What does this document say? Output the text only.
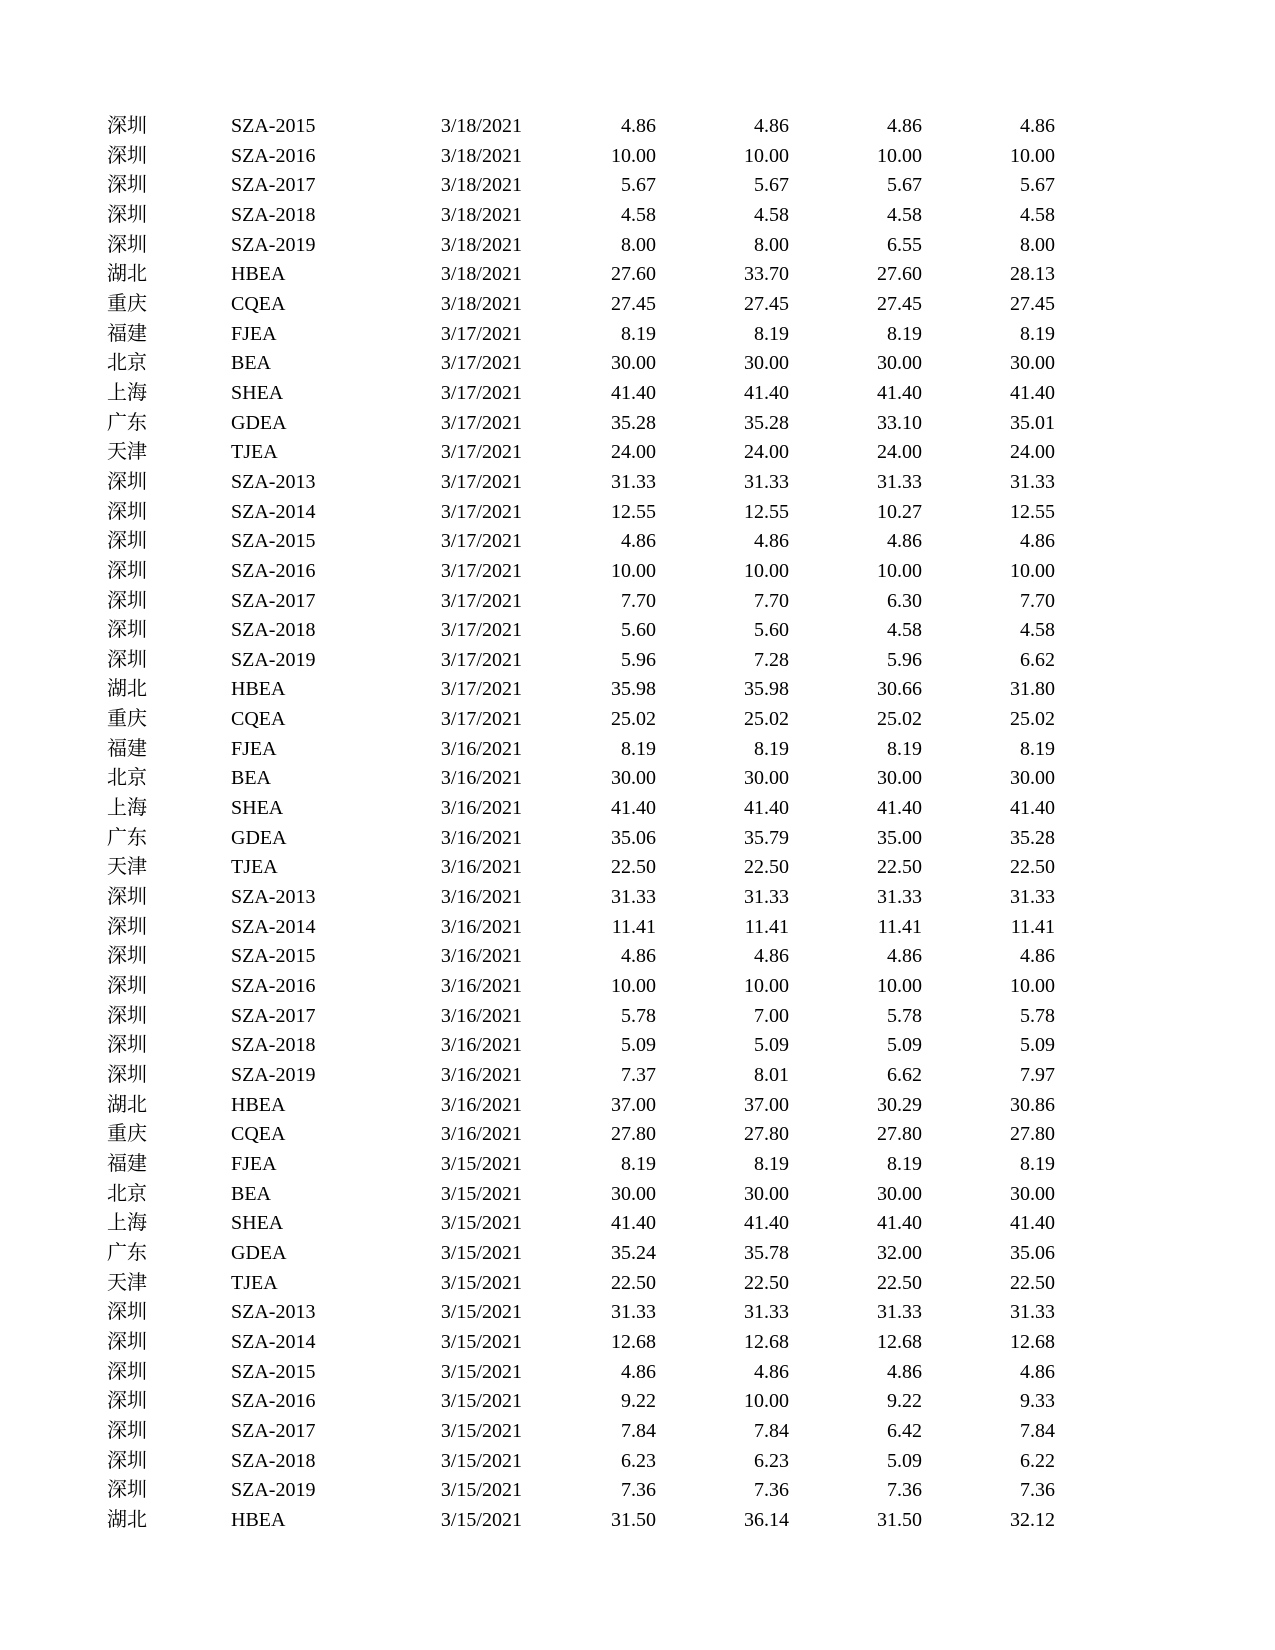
深圳	SZA-2015	3/18/2021	4.86	4.86	4.86	4.86
深圳	SZA-2016	3/18/2021	10.00	10.00	10.00	10.00
深圳	SZA-2017	3/18/2021	5.67	5.67	5.67	5.67
深圳	SZA-2018	3/18/2021	4.58	4.58	4.58	4.58
深圳	SZA-2019	3/18/2021	8.00	8.00	6.55	8.00
湖北	HBEA	3/18/2021	27.60	33.70	27.60	28.13
重庆	CQEA	3/18/2021	27.45	27.45	27.45	27.45
福建	FJEA	3/17/2021	8.19	8.19	8.19	8.19
北京	BEA	3/17/2021	30.00	30.00	30.00	30.00
上海	SHEA	3/17/2021	41.40	41.40	41.40	41.40
广东	GDEA	3/17/2021	35.28	35.28	33.10	35.01
天津	TJEA	3/17/2021	24.00	24.00	24.00	24.00
深圳	SZA-2013	3/17/2021	31.33	31.33	31.33	31.33
深圳	SZA-2014	3/17/2021	12.55	12.55	10.27	12.55
深圳	SZA-2015	3/17/2021	4.86	4.86	4.86	4.86
深圳	SZA-2016	3/17/2021	10.00	10.00	10.00	10.00
深圳	SZA-2017	3/17/2021	7.70	7.70	6.30	7.70
深圳	SZA-2018	3/17/2021	5.60	5.60	4.58	4.58
深圳	SZA-2019	3/17/2021	5.96	7.28	5.96	6.62
湖北	HBEA	3/17/2021	35.98	35.98	30.66	31.80
重庆	CQEA	3/17/2021	25.02	25.02	25.02	25.02
福建	FJEA	3/16/2021	8.19	8.19	8.19	8.19
北京	BEA	3/16/2021	30.00	30.00	30.00	30.00
上海	SHEA	3/16/2021	41.40	41.40	41.40	41.40
广东	GDEA	3/16/2021	35.06	35.79	35.00	35.28
天津	TJEA	3/16/2021	22.50	22.50	22.50	22.50
深圳	SZA-2013	3/16/2021	31.33	31.33	31.33	31.33
深圳	SZA-2014	3/16/2021	11.41	11.41	11.41	11.41
深圳	SZA-2015	3/16/2021	4.86	4.86	4.86	4.86
深圳	SZA-2016	3/16/2021	10.00	10.00	10.00	10.00
深圳	SZA-2017	3/16/2021	5.78	7.00	5.78	5.78
深圳	SZA-2018	3/16/2021	5.09	5.09	5.09	5.09
深圳	SZA-2019	3/16/2021	7.37	8.01	6.62	7.97
湖北	HBEA	3/16/2021	37.00	37.00	30.29	30.86
重庆	CQEA	3/16/2021	27.80	27.80	27.80	27.80
福建	FJEA	3/15/2021	8.19	8.19	8.19	8.19
北京	BEA	3/15/2021	30.00	30.00	30.00	30.00
上海	SHEA	3/15/2021	41.40	41.40	41.40	41.40
广东	GDEA	3/15/2021	35.24	35.78	32.00	35.06
天津	TJEA	3/15/2021	22.50	22.50	22.50	22.50
深圳	SZA-2013	3/15/2021	31.33	31.33	31.33	31.33
深圳	SZA-2014	3/15/2021	12.68	12.68	12.68	12.68
深圳	SZA-2015	3/15/2021	4.86	4.86	4.86	4.86
深圳	SZA-2016	3/15/2021	9.22	10.00	9.22	9.33
深圳	SZA-2017	3/15/2021	7.84	7.84	6.42	7.84
深圳	SZA-2018	3/15/2021	6.23	6.23	5.09	6.22
深圳	SZA-2019	3/15/2021	7.36	7.36	7.36	7.36
湖北	HBEA	3/15/2021	31.50	36.14	31.50	32.12
